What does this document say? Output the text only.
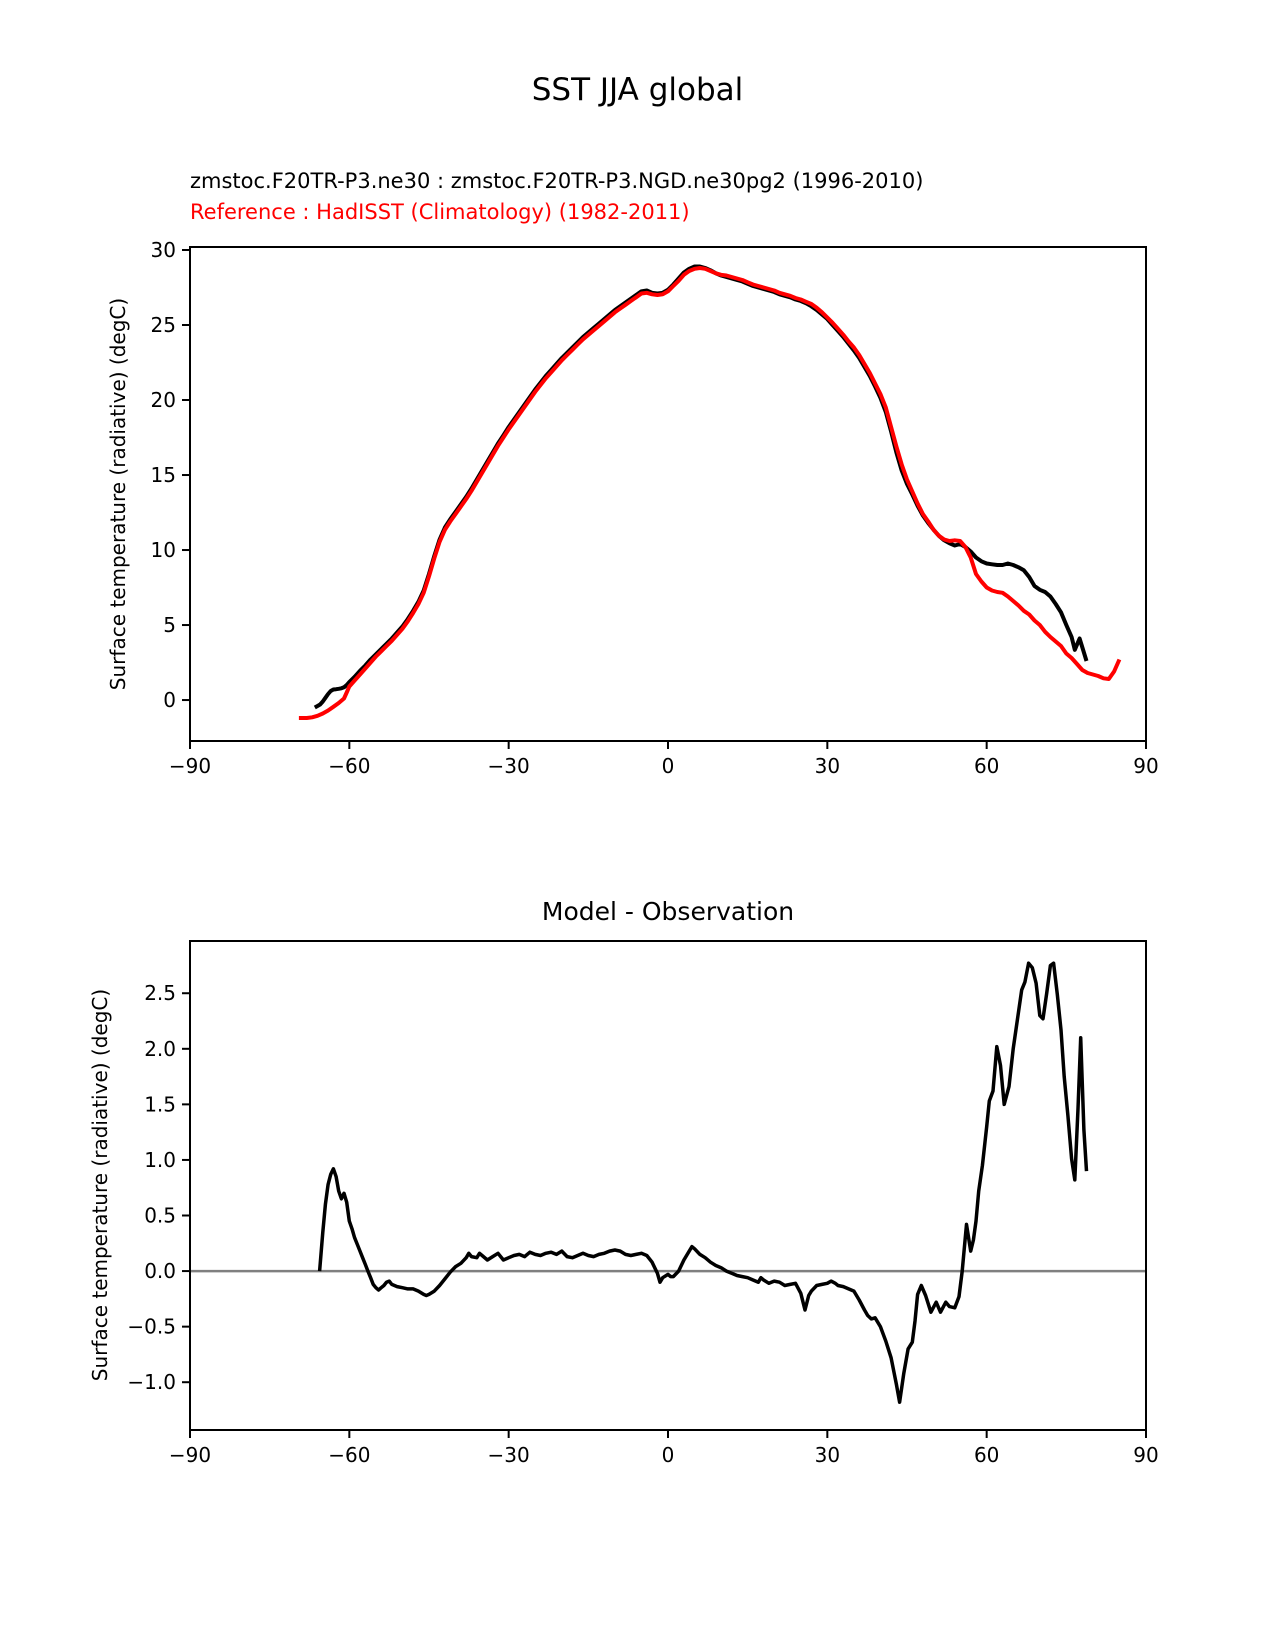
−90	−60	−30	0	30	60	90
0
5
10
15
20
25
30
−90	−60	−30	0	30	60	90
−1.0
−0.5
0.0
0.5
1.0
1.5
2.0
2.5
SST JJA global
zmstoc.F20TR-P3.ne30 : zmstoc.F20TR-P3.NGD.ne30pg2 (1996-2010)
Reference : HadISST (Climatology) (1982-2011)
Model - Observation
Surface temperature (radiative) (degC)
Surface temperature (radiative) (degC)
